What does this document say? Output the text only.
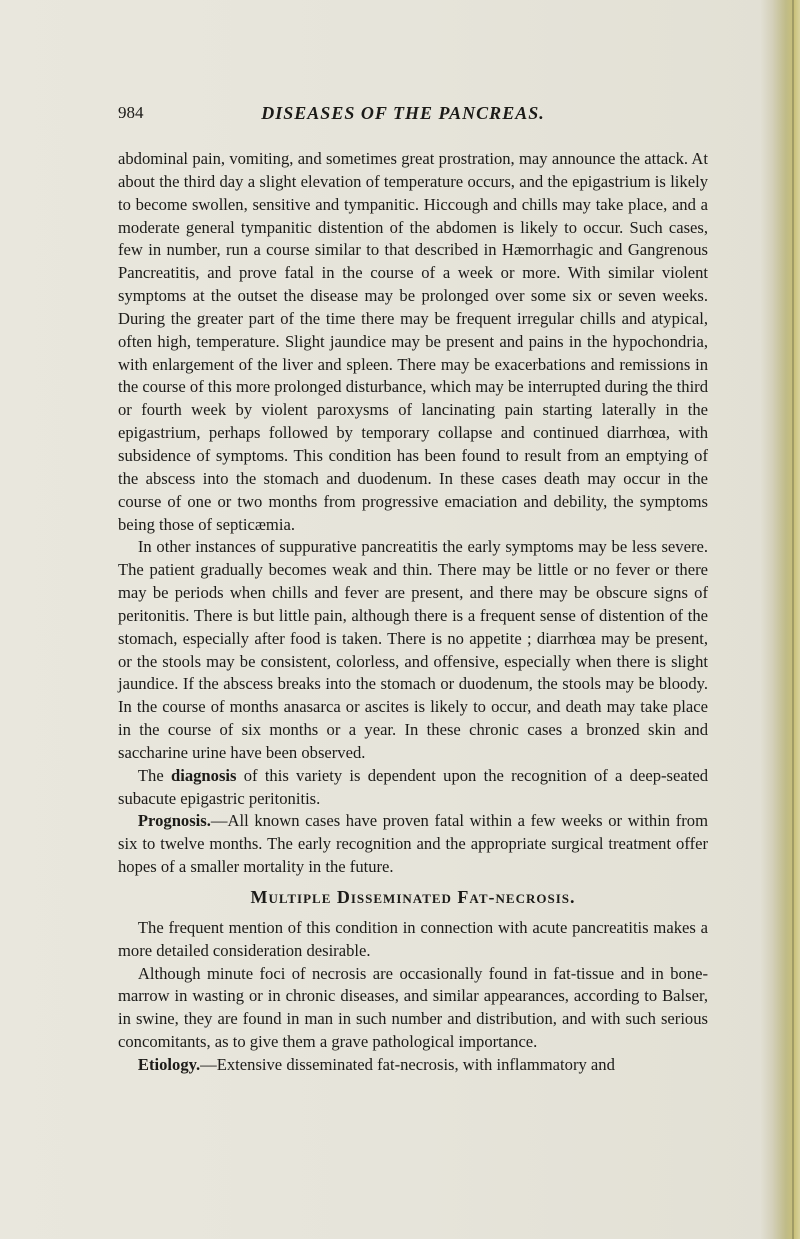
984	DISEASES OF THE PANCREAS.

abdominal pain, vomiting, and sometimes great prostration, may announce the attack. At about the third day a slight elevation of temperature occurs, and the epigastrium is likely to become swollen, sensitive and tympanitic. Hiccough and chills may take place, and a moderate general tympanitic distention of the abdomen is likely to occur. Such cases, few in number, run a course similar to that described in Hæmorrhagic and Gangrenous Pancreatitis, and prove fatal in the course of a week or more. With similar violent symptoms at the outset the disease may be prolonged over some six or seven weeks. During the greater part of the time there may be frequent irregular chills and atypical, often high, temperature. Slight jaundice may be present and pains in the hypochondria, with enlargement of the liver and spleen. There may be exacerbations and remissions in the course of this more prolonged disturbance, which may be interrupted during the third or fourth week by violent paroxysms of lancinating pain starting laterally in the epigastrium, perhaps followed by temporary collapse and continued diarrhœa, with subsidence of symptoms. This condition has been found to result from an emptying of the abscess into the stomach and duodenum. In these cases death may occur in the course of one or two months from progressive emaciation and debility, the symptoms being those of septicæmia.

In other instances of suppurative pancreatitis the early symptoms may be less severe. The patient gradually becomes weak and thin. There may be little or no fever or there may be periods when chills and fever are present, and there may be obscure signs of peritonitis. There is but little pain, although there is a frequent sense of distention of the stomach, especially after food is taken. There is no appetite ; diarrhœa may be present, or the stools may be consistent, colorless, and offensive, especially when there is slight jaundice. If the abscess breaks into the stomach or duodenum, the stools may be bloody. In the course of months anasarca or ascites is likely to occur, and death may take place in the course of six months or a year. In these chronic cases a bronzed skin and saccharine urine have been observed.

The diagnosis of this variety is dependent upon the recognition of a deep-seated subacute epigastric peritonitis.

Prognosis.—All known cases have proven fatal within a few weeks or within from six to twelve months. The early recognition and the appropriate surgical treatment offer hopes of a smaller mortality in the future.

Multiple Disseminated Fat-necrosis.

The frequent mention of this condition in connection with acute pancreatitis makes a more detailed consideration desirable.

Although minute foci of necrosis are occasionally found in fat-tissue and in bone-marrow in wasting or in chronic diseases, and similar appearances, according to Balser, in swine, they are found in man in such number and distribution, and with such serious concomitants, as to give them a grave pathological importance.

Etiology.—Extensive disseminated fat-necrosis, with inflammatory and
